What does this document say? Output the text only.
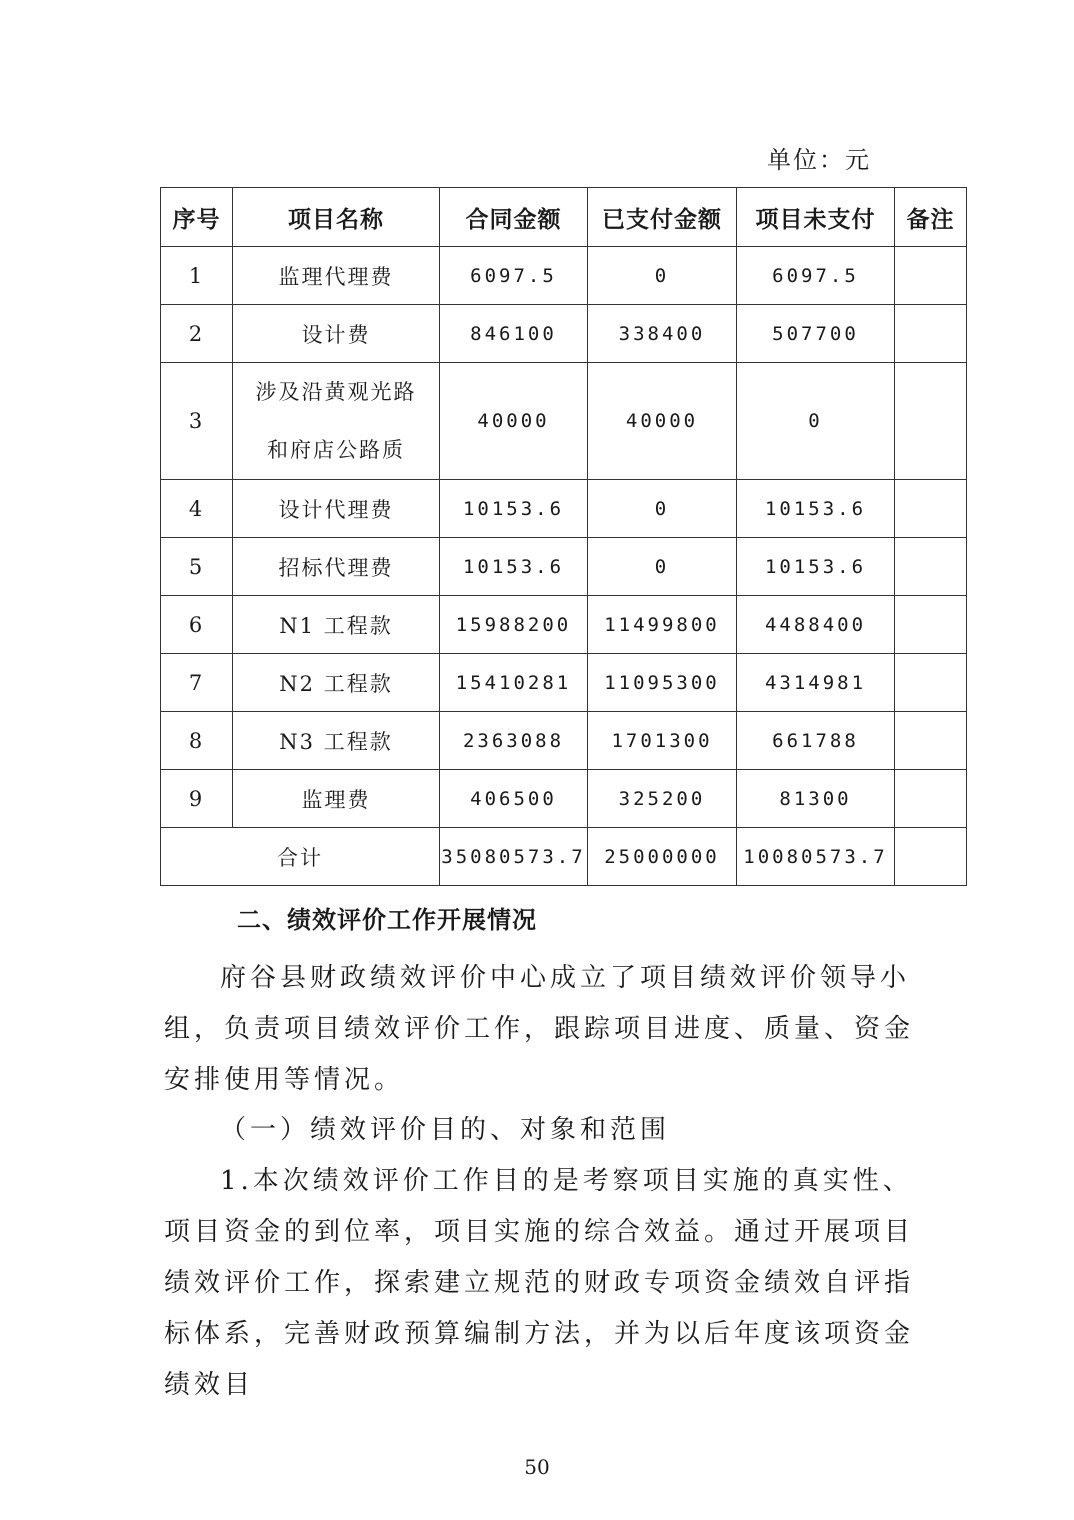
单位：元
序号	项目名称	合同金额	已支付金额	项目未支付	备注
1	监理代理费	6097.5	0	6097.5	
2	设计费	846100	338400	507700	
3	涉及沿黄观光路和府店公路质	40000	40000	0	
4	设计代理费	10153.6	0	10153.6	
5	招标代理费	10153.6	0	10153.6	
6	N1 工程款	15988200	11499800	4488400	
7	N2 工程款	15410281	11095300	4314981	
8	N3 工程款	2363088	1701300	661788	
9	监理费	406500	325200	81300	
合计		35080573.7	25000000	10080573.7	
二、绩效评价工作开展情况

府谷县财政绩效评价中心成立了项目绩效评价领导小组，负责项目绩效评价工作，跟踪项目进度、质量、资金安排使用等情况。

（一）绩效评价目的、对象和范围

1.本次绩效评价工作目的是考察项目实施的真实性、项目资金的到位率，项目实施的综合效益。通过开展项目绩效评价工作，探索建立规范的财政专项资金绩效自评指标体系，完善财政预算编制方法，并为以后年度该项资金绩效目

50
